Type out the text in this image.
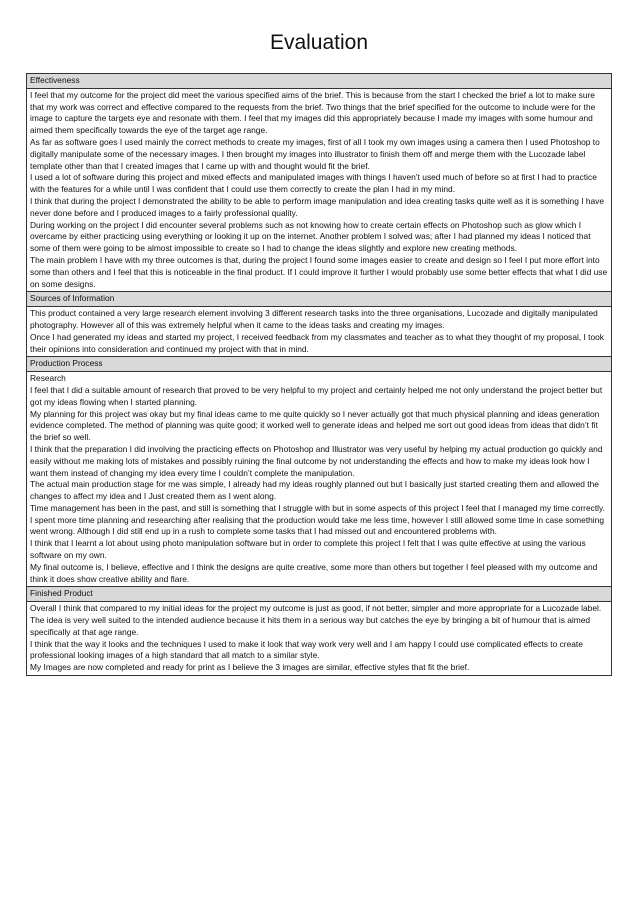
Evaluation
Effectiveness

I feel that my outcome for the project did meet the various specified aims of the brief. This is because from the start I checked the brief a lot to make sure that my work was correct and effective compared to the requests from the brief. Two things that the brief specified for the outcome to include were for the image to capture the targets eye and resonate with them. I feel that my images did this appropriately because I made my images with some humour and aimed them specifically towards the eye of the target age range.

As far as software goes I used mainly the correct methods to create my images, first of all I took my own images using a camera then I used Photoshop to digitally manipulate some of the necessary images. I then brought my images into illustrator to finish them off and merge them with the Lucozade label template other than that I created images that I came up with and thought would fit the brief.

I used a lot of software during this project and mixed effects and manipulated images with things I haven’t used much of before so at first I had to practice with the features for a while until I was confident that I could use them correctly to create the plan I had in my mind.

I think that during the project I demonstrated the ability to be able to perform image manipulation and idea creating tasks quite well as it is something I have never done before and I produced images to a fairly professional quality.

During working on the project I did encounter several problems such as not knowing how to create certain effects on Photoshop such as glow which I overcame by either practicing using everything or looking it up on the internet. Another problem I solved was; after I had planned my ideas I noticed that some of them were going to be almost impossible to create so I had to change the ideas slightly and explore new creating methods.

The main problem I have with my three outcomes is that, during the project I found some images easier to create and design so I feel I put more effort into some than others and I feel that this is noticeable in the final product. If I could improve it further I would probably use some better effects that what I did use on some designs.

Sources of Information

This product contained a very large research element involving 3 different research tasks into the three organisations, Lucozade and digitally manipulated photography. However all of this was extremely helpful when it came to the ideas tasks and creating my images.

Once I had generated my ideas and started my project, I received feedback from my classmates and teacher as to what they thought of my proposal, I took their opinions into consideration and continued my project with that in mind.

Production Process

Research

I feel that I did a suitable amount of research that proved to be very helpful to my project and certainly helped me not only understand the project better but got my ideas flowing when I started planning.

My planning for this project was okay but my final ideas came to me quite quickly so I never actually got that much physical planning and ideas generation evidence completed. The method of planning was quite good; it worked well to generate ideas and helped me sort out good ideas from ideas that didn’t fit the brief so well.

I think that the preparation I did involving the practicing effects on Photoshop and Illustrator was very useful by helping my actual production go quickly and easily without me making lots of mistakes and possibly ruining the final outcome by not understanding the effects and how to make my ideas look how I want them instead of changing my idea every time I couldn’t complete the manipulation.

The actual main production stage for me was simple, I already had my ideas roughly planned out but I basically just started creating them and allowed the changes to affect my idea and I Just created them as I went along.

Time management has been in the past, and still is something that I struggle with but in some aspects of this project I feel that I managed my time correctly. I spent more time planning and researching after realising that the production would take me less time, however I still allowed some time in case something went wrong. Although I did still end up in a rush to complete some tasks that I had missed out and encountered problems with.

I think that I learnt a lot about using photo manipulation software but in order to complete this project I felt that I was quite effective at using the various software on my own.

My final outcome is, I believe, effective and I think the designs are quite creative, some more than others but together I feel pleased with my outcome and think it does show creative ability and flare.

Finished Product

Overall I think that compared to my initial ideas for the project my outcome is just as good, if not better, simpler and more appropriate for a Lucozade label.

The idea is very well suited to the intended audience because it hits them in a serious way but catches the eye by bringing a bit of humour that is aimed specifically at that age range.

I think that the way it looks and the techniques I used to make it look that way work very well and I am happy I could use complicated effects to create professional looking images of a high standard that all match to a similar style.

My Images are now completed and ready for print as I believe the 3 images are similar, effective styles that fit the brief.
